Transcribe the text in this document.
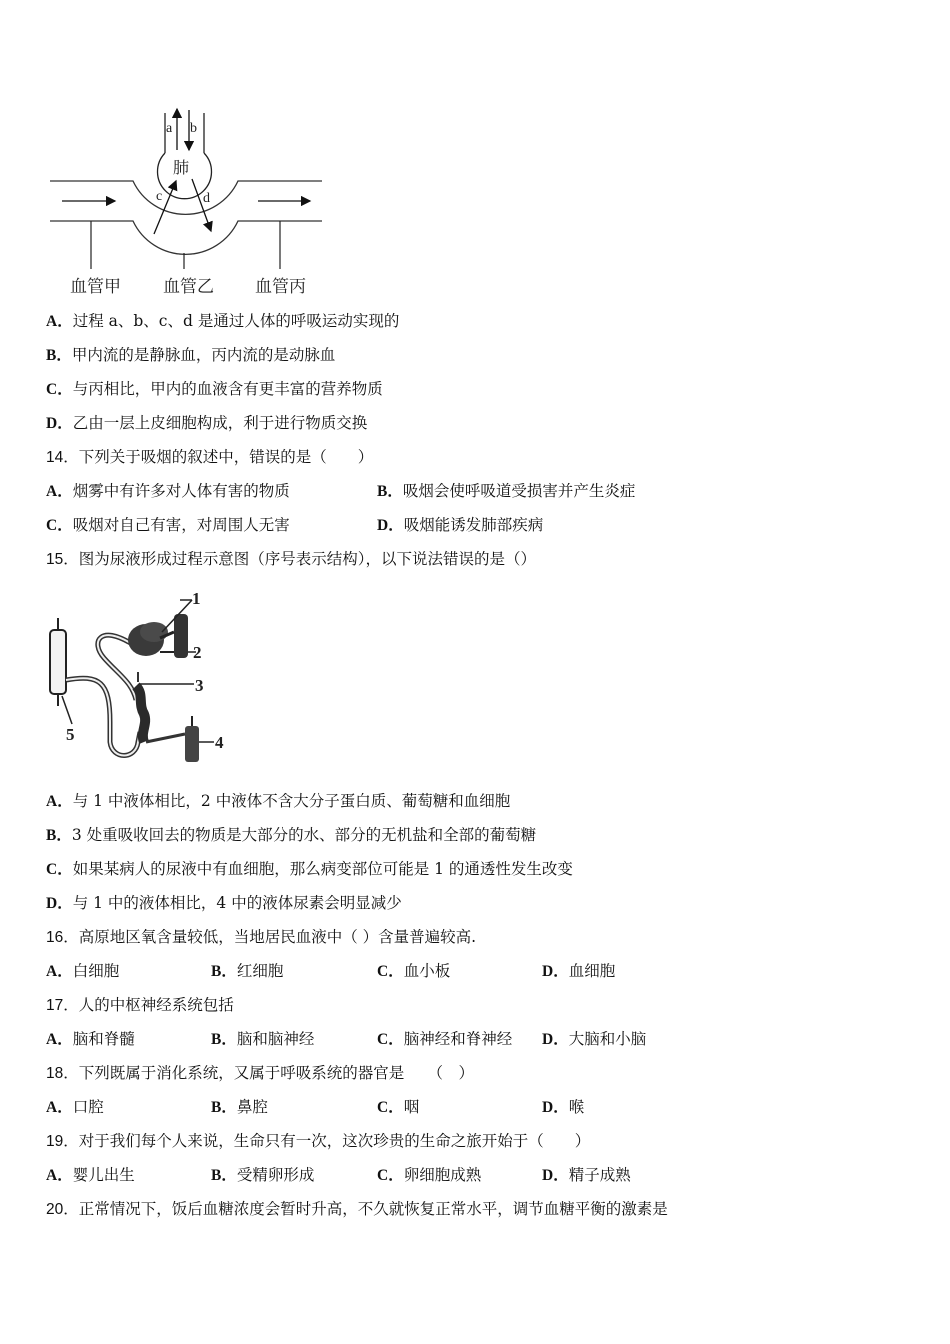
a b
c	d
肺
血管甲 血管乙 血管丙
A．过程 a、b、c、d 是通过人体的呼吸运动实现的
B．甲内流的是静脉血，丙内流的是动脉血
C．与丙相比，甲内的血液含有更丰富的营养物质
D．乙由一层上皮细胞构成，利于进行物质交换
14．下列关于吸烟的叙述中，错误的是（　　）
A．烟雾中有许多对人体有害的物质	B．吸烟会使呼吸道受损害并产生炎症
C．吸烟对自己有害，对周围人无害	D．吸烟能诱发肺部疾病
15．图为尿液形成过程示意图（序号表示结构），以下说法错误的是（）
1
2
3
4
5
A．与 1 中液体相比，2 中液体不含大分子蛋白质、葡萄糖和血细胞
B．3 处重吸收回去的物质是大部分的水、部分的无机盐和全部的葡萄糖
C．如果某病人的尿液中有血细胞，那么病变部位可能是 1 的通透性发生改变
D．与 1 中的液体相比，4 中的液体尿素会明显减少
16．高原地区氧含量较低，当地居民血液中（ ）含量普遍较高.
A．白细胞	B．红细胞	C．血小板	D．血细胞
17．人的中枢神经系统包括
A．脑和脊髓	B．脑和脑神经	C．脑神经和脊神经 D．大脑和小脑
18．下列既属于消化系统，又属于呼吸系统的器官是　　（　）
A．口腔	B．鼻腔	C．咽	D．喉
19．对于我们每个人来说，生命只有一次，这次珍贵的生命之旅开始于（　　）
A．婴儿出生	B．受精卵形成	C．卵细胞成熟	D．精子成熟
20．正常情况下，饭后血糖浓度会暂时升高，不久就恢复正常水平，调节血糖平衡的激素是
